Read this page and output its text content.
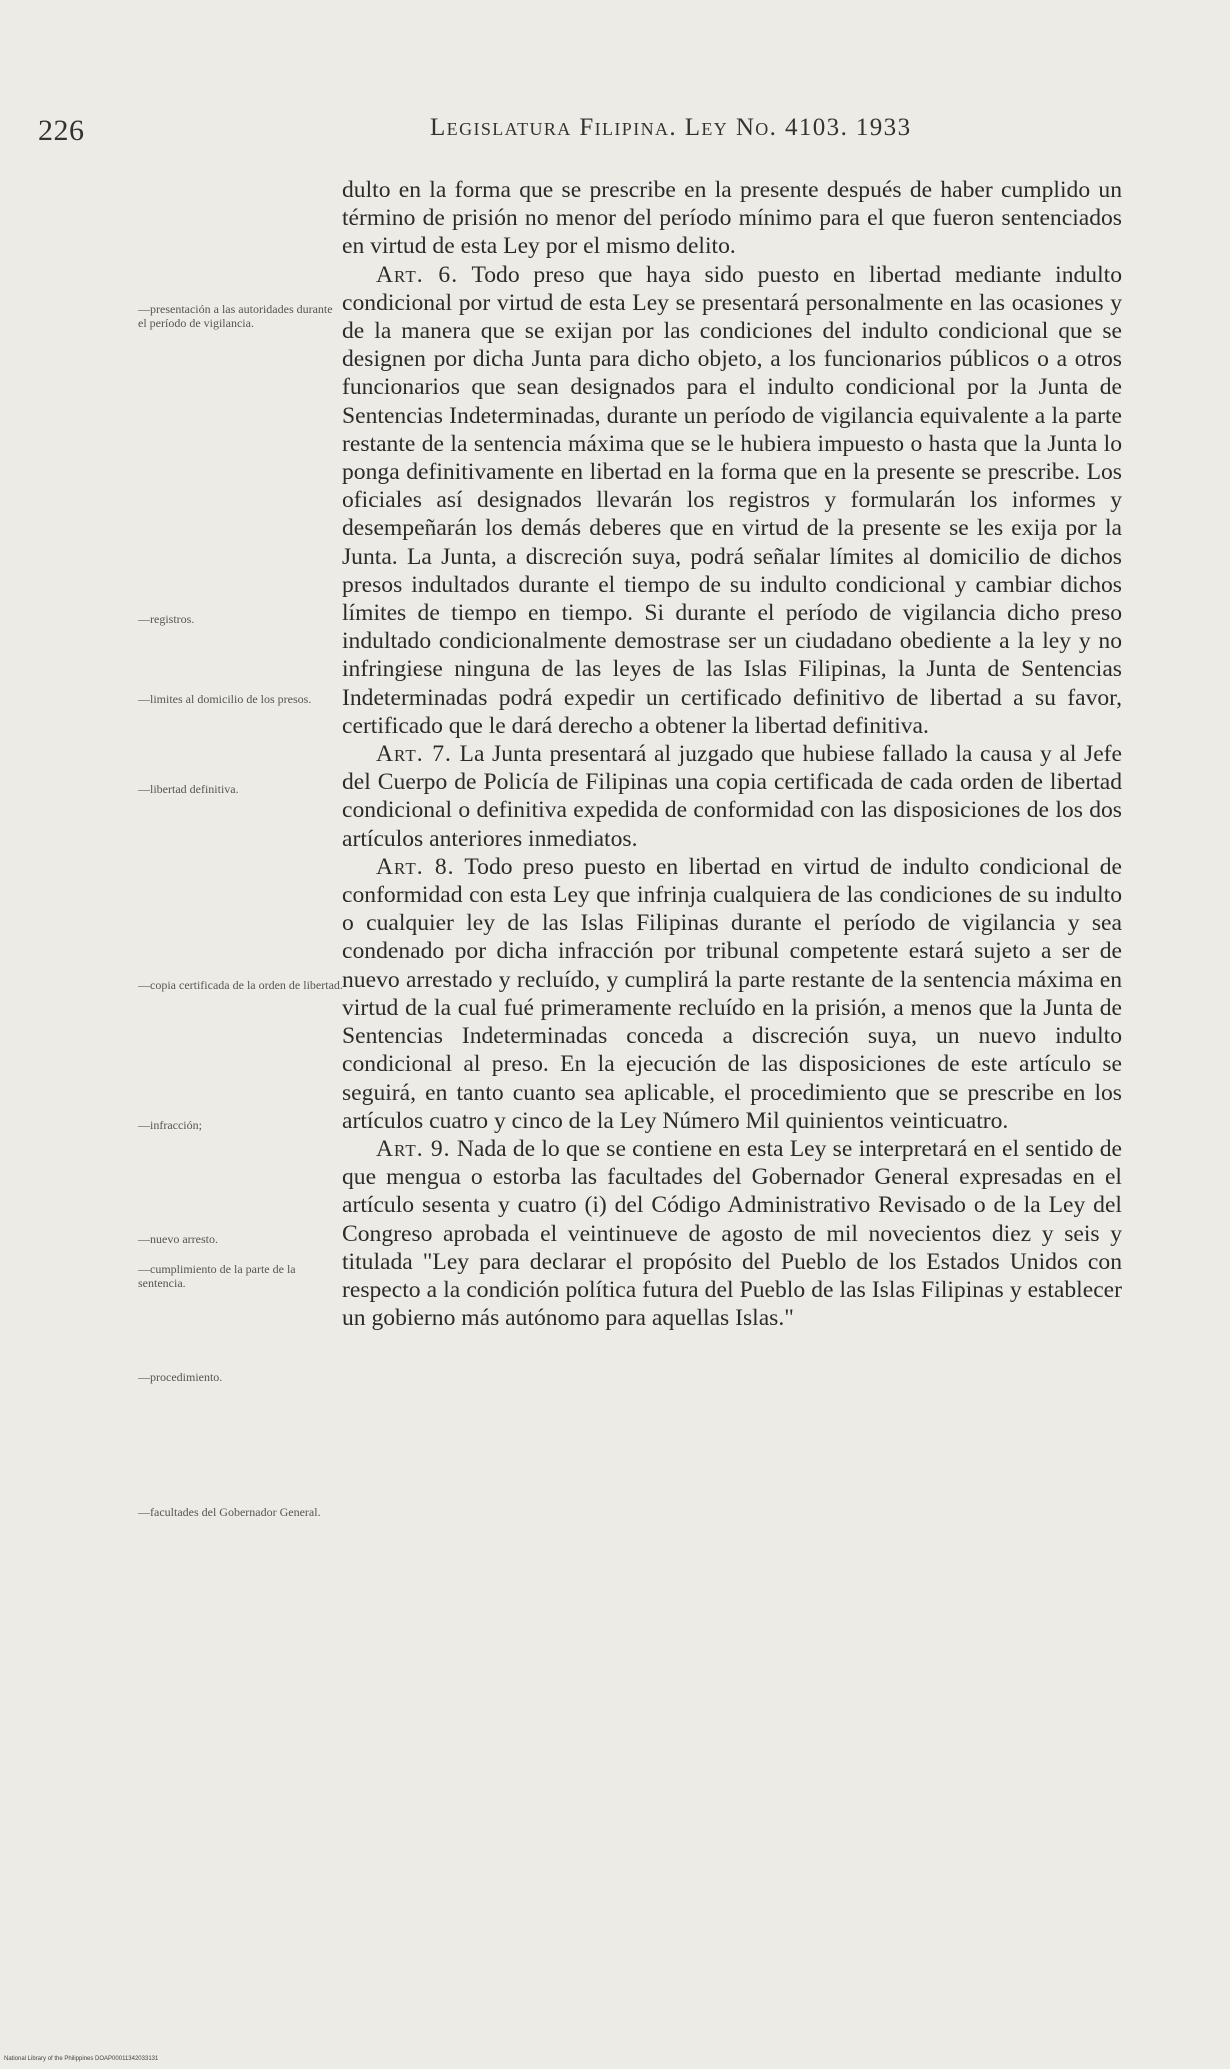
226	Legislatura Filipina. Ley No. 4103. 1933
—presentación a las autoridades durante el período de vigilancia.
—registros.
—limites al domicilio de los presos.
—libertad definitiva.
—copia certificada de la orden de libertad.
—infracción;
—nuevo arresto.
—cumplimiento de la parte de la sentencia.
—procedimiento.
—facultades del Gobernador General.

dulto en la forma que se prescribe en la presente después de haber cumplido un término de prisión no menor del período mínimo para el que fueron sentenciados en virtud de esta Ley por el mismo delito.

Art. 6. Todo preso que haya sido puesto en libertad mediante indulto condicional por virtud de esta Ley se presentará personalmente en las ocasiones y de la manera que se exijan por las condiciones del indulto condicional que se designen por dicha Junta para dicho objeto, a los funcionarios públicos o a otros funcionarios que sean designados para el indulto condicional por la Junta de Sentencias Indeterminadas, durante un período de vigilancia equivalente a la parte restante de la sentencia máxima que se le hubiera impuesto o hasta que la Junta lo ponga definitivamente en libertad en la forma que en la presente se prescribe. Los oficiales así designados llevarán los registros y formularán los informes y desempeñarán los demás deberes que en virtud de la presente se les exija por la Junta. La Junta, a discreción suya, podrá señalar límites al domicilio de dichos presos indultados durante el tiempo de su indulto condicional y cambiar dichos límites de tiempo en tiempo. Si durante el período de vigilancia dicho preso indultado condicionalmente demostrase ser un ciudadano obediente a la ley y no infringiese ninguna de las leyes de las Islas Filipinas, la Junta de Sentencias Indeterminadas podrá expedir un certificado definitivo de libertad a su favor, certificado que le dará derecho a obtener la libertad definitiva.

Art. 7. La Junta presentará al juzgado que hubiese fallado la causa y al Jefe del Cuerpo de Policía de Filipinas una copia certificada de cada orden de libertad condicional o definitiva expedida de conformidad con las disposiciones de los dos artículos anteriores inmediatos.

Art. 8. Todo preso puesto en libertad en virtud de indulto condicional de conformidad con esta Ley que infrinja cualquiera de las condiciones de su indulto o cualquier ley de las Islas Filipinas durante el período de vigilancia y sea condenado por dicha infracción por tribunal competente estará sujeto a ser de nuevo arrestado y recluído, y cumplirá la parte restante de la sentencia máxima en virtud de la cual fué primeramente recluído en la prisión, a menos que la Junta de Sentencias Indeterminadas conceda a discreción suya, un nuevo indulto condicional al preso. En la ejecución de las disposiciones de este artículo se seguirá, en tanto cuanto sea aplicable, el procedimiento que se prescribe en los artículos cuatro y cinco de la Ley Número Mil quinientos veinticuatro.

Art. 9. Nada de lo que se contiene en esta Ley se interpretará en el sentido de que mengua o estorba las facultades del Gobernador General expresadas en el artículo sesenta y cuatro (i) del Código Administrativo Revisado o de la Ley del Congreso aprobada el veintinueve de agosto de mil novecientos diez y seis y titulada "Ley para declarar el propósito del Pueblo de los Estados Unidos con respecto a la condición política futura del Pueblo de las Islas Filipinas y establecer un gobierno más autónomo para aquellas Islas."

National Library of the Philippines DOAP00011342033131
